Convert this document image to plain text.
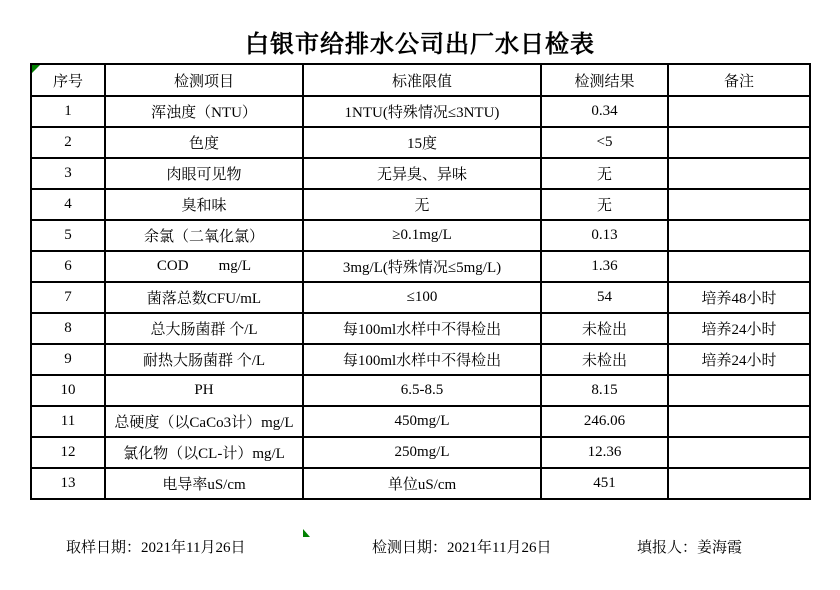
白银市给排水公司出厂水日检表
序号	检测项目	标准限值	检测结果	备注
1	浑浊度（NTU）	1NTU(特殊情况≤3NTU)	0.34	
2	色度	15度	<5	
3	肉眼可见物	无异臭、异味	无	
4	臭和味	无	无	
5	余氯（二氧化氯）	≥0.1mg/L	0.13	
6	COD        mg/L	3mg/L(特殊情况≤5mg/L)	1.36	
7	菌落总数CFU/mL	≤100	54	培养48小时
8	总大肠菌群 个/L	每100ml水样中不得检出	未检出	培养24小时
9	耐热大肠菌群 个/L	每100ml水样中不得检出	未检出	培养24小时
10	PH	6.5-8.5	8.15	
11	总硬度（以CaCo3计）mg/L	450mg/L	246.06	
12	氯化物（以CL-计）mg/L	250mg/L	12.36	
13	电导率uS/cm	单位uS/cm	451	
取样日期：2021年11月26日	检测日期：2021年11月26日	填报人：姜海霞
